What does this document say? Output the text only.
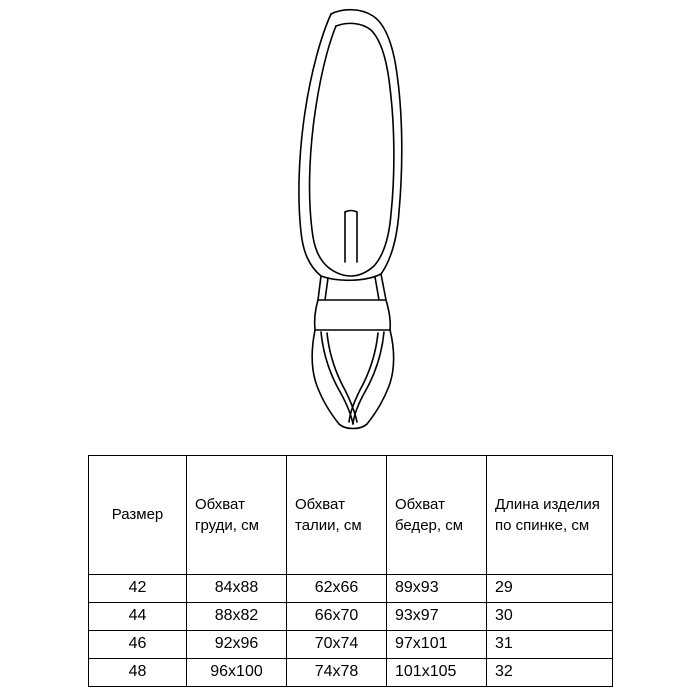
Размер	Обхват груди, см	Обхват талии, см	Обхват бедер, см	Длина изделия по спинке, см
42	84х88	62х66	89х93	29
44	88х82	66х70	93х97	30
46	92х96	70х74	97х101	31
48	96х100	74х78	101х105	32
